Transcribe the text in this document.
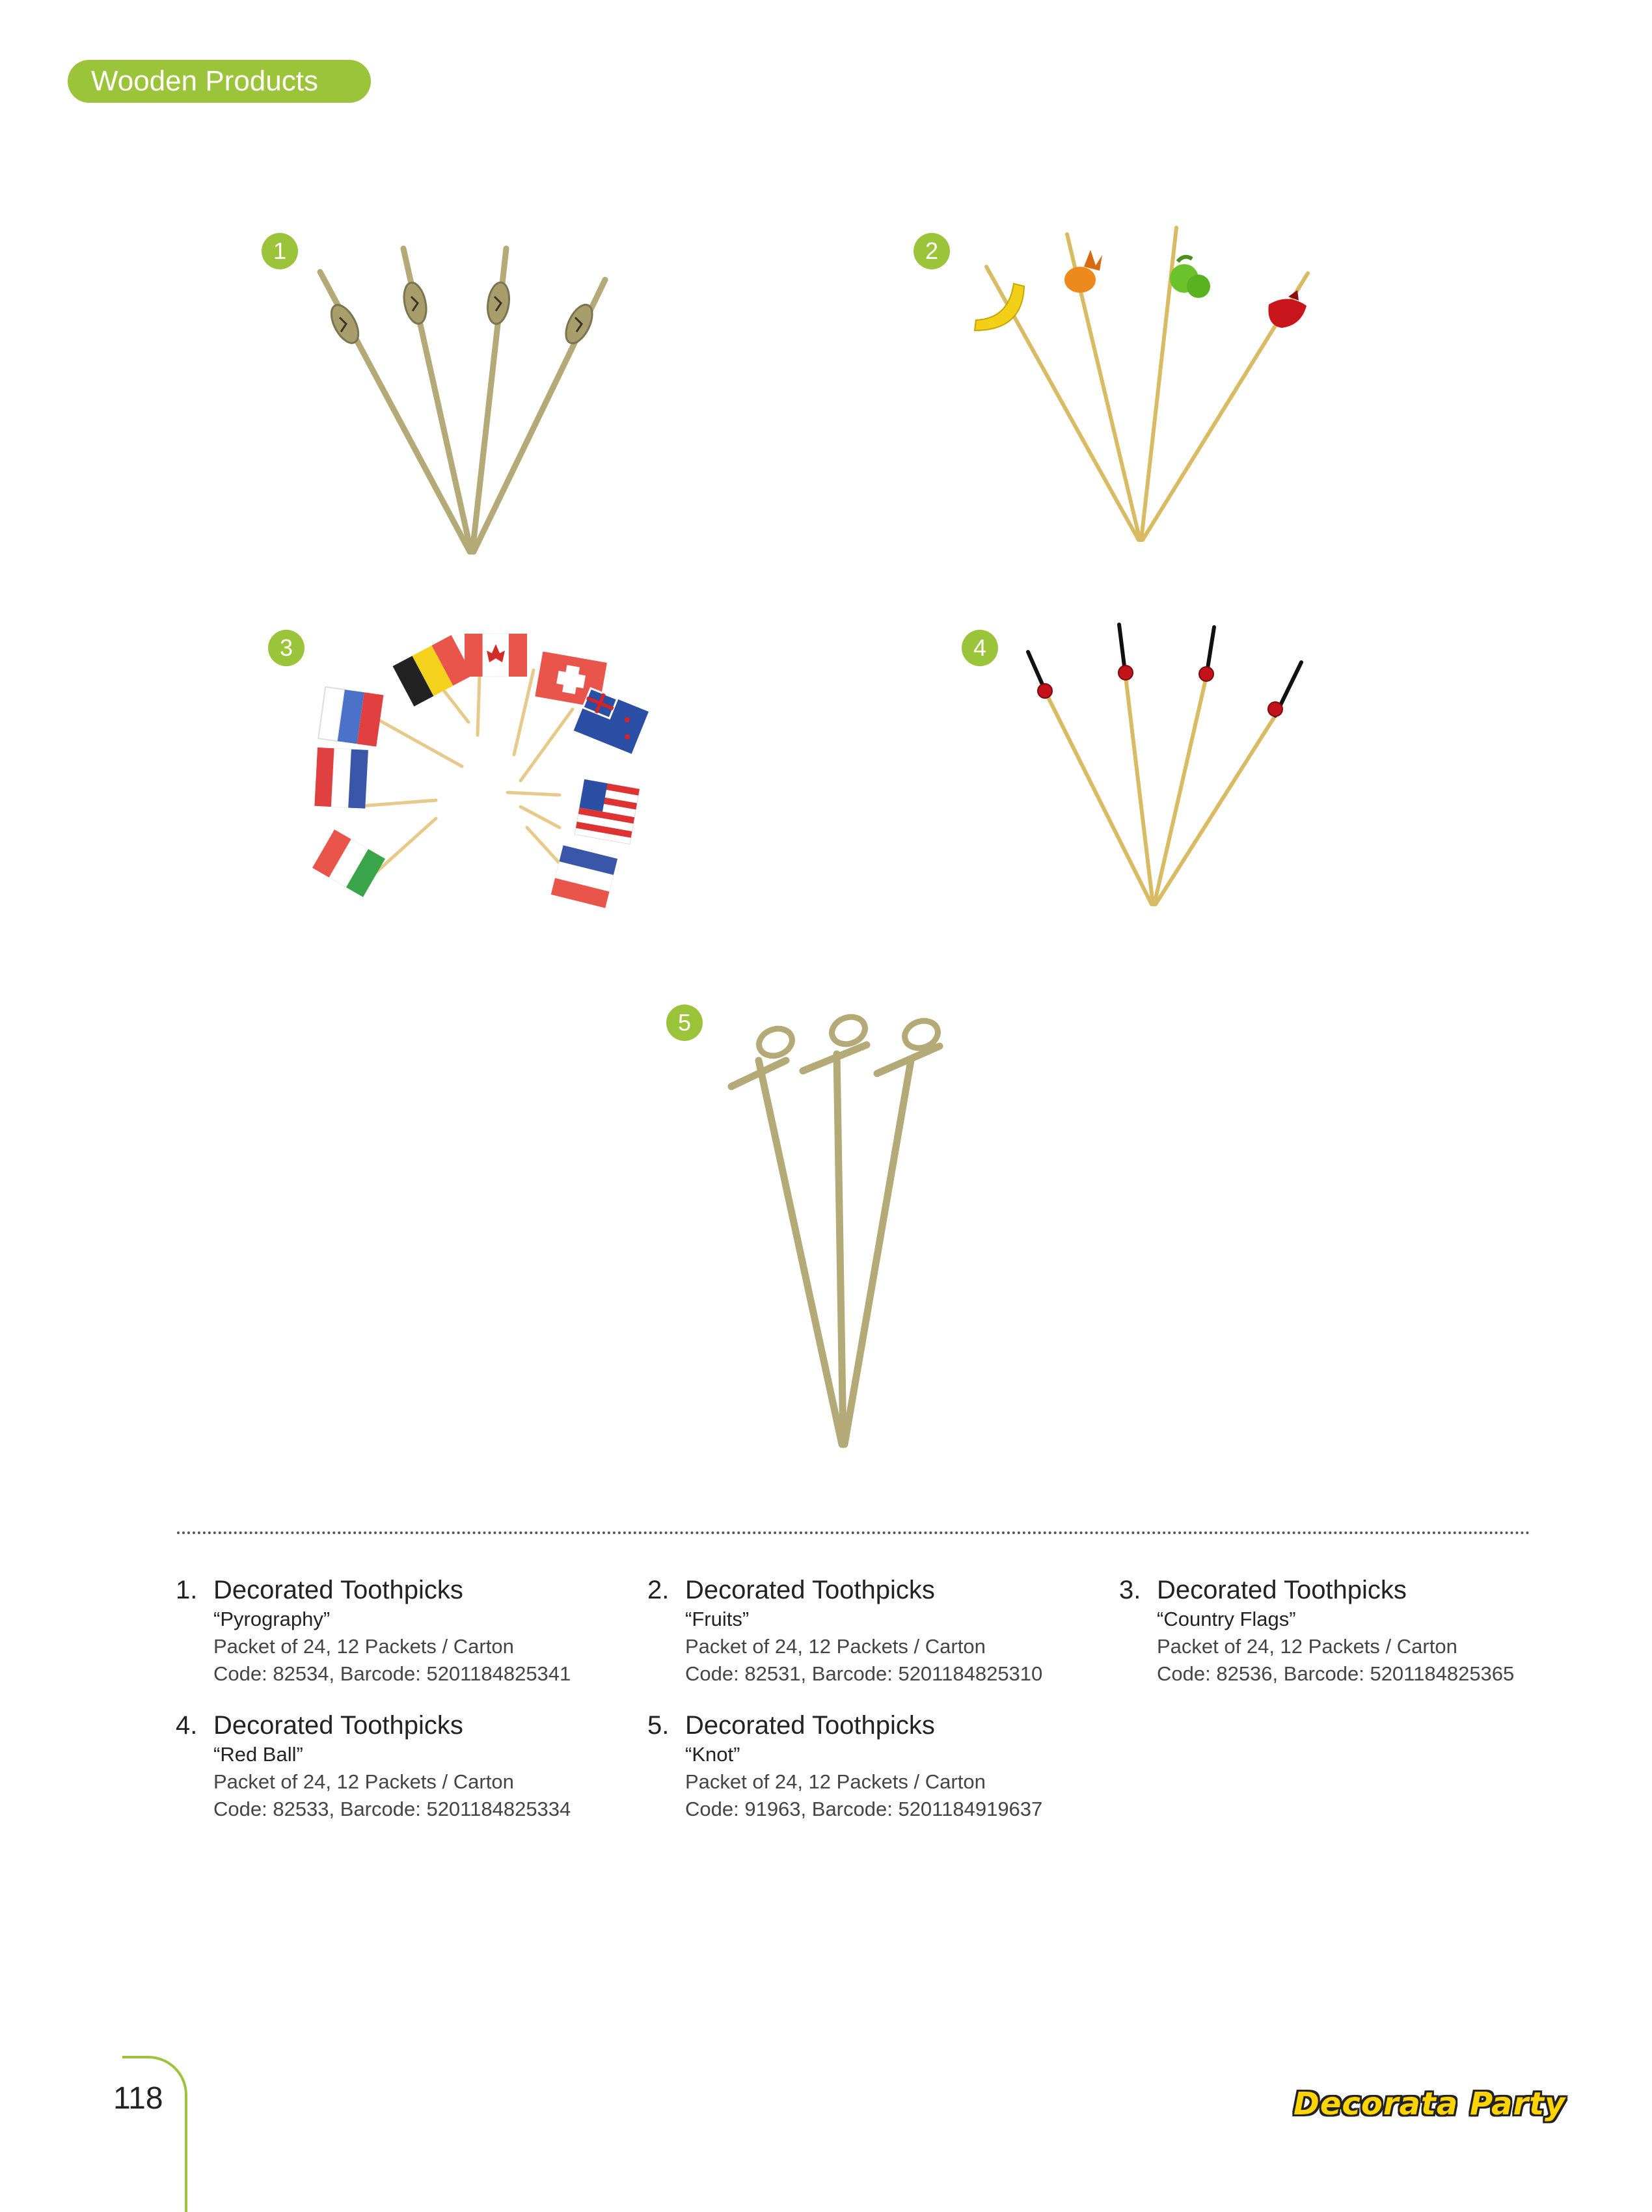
Wooden Products
1	2
3	4
5
1. Decorated Toothpicks
“Pyrography”
Packet of 24, 12 Packets / Carton
Code: 82534, Barcode: 5201184825341
2. Decorated Toothpicks
“Fruits”
Packet of 24, 12 Packets / Carton
Code: 82531, Barcode: 5201184825310
3. Decorated Toothpicks
“Country Flags”
Packet of 24, 12 Packets / Carton
Code: 82536, Barcode: 5201184825365
4. Decorated Toothpicks
“Red Ball”
Packet of 24, 12 Packets / Carton
Code: 82533, Barcode: 5201184825334
5. Decorated Toothpicks
“Knot”
Packet of 24, 12 Packets / Carton
Code: 91963, Barcode: 5201184919637
118	Decorata Party
